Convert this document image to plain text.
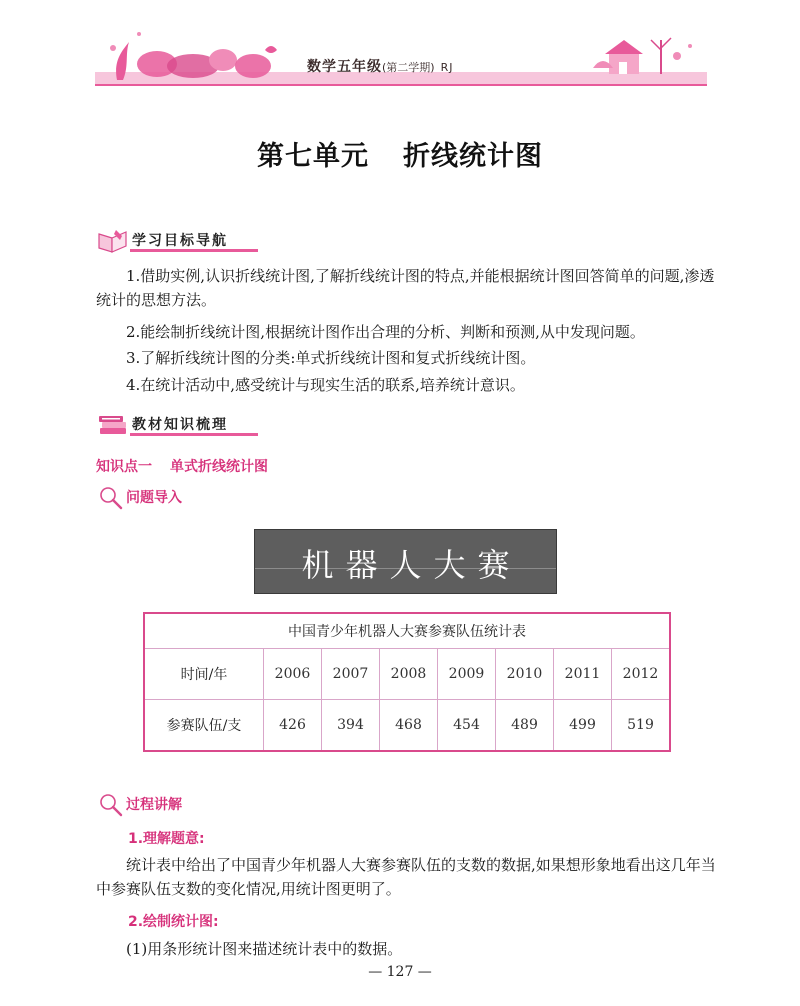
数学五年级(第二学期) RJ
第七单元 折线统计图
学习目标导航
1.借助实例,认识折线统计图,了解折线统计图的特点,并能根据统计图回答简单的问题,渗透统计的思想方法。
2.能绘制折线统计图,根据统计图作出合理的分析、判断和预测,从中发现问题。
3.了解折线统计图的分类:单式折线统计图和复式折线统计图。
4.在统计活动中,感受统计与现实生活的联系,培养统计意识。
教材知识梳理
知识点一 单式折线统计图
问题导入
机器人大赛
中国青少年机器人大赛参赛队伍统计表							
时间/年	2006	2007	2008	2009	2010	2011	2012
参赛队伍/支	426	394	468	454	489	499	519
过程讲解
1.理解题意:
统计表中给出了中国青少年机器人大赛参赛队伍的支数的数据,如果想形象地看出这几年当中参赛队伍支数的变化情况,用统计图更明了。
2.绘制统计图:
(1)用条形统计图来描述统计表中的数据。
— 127 —
